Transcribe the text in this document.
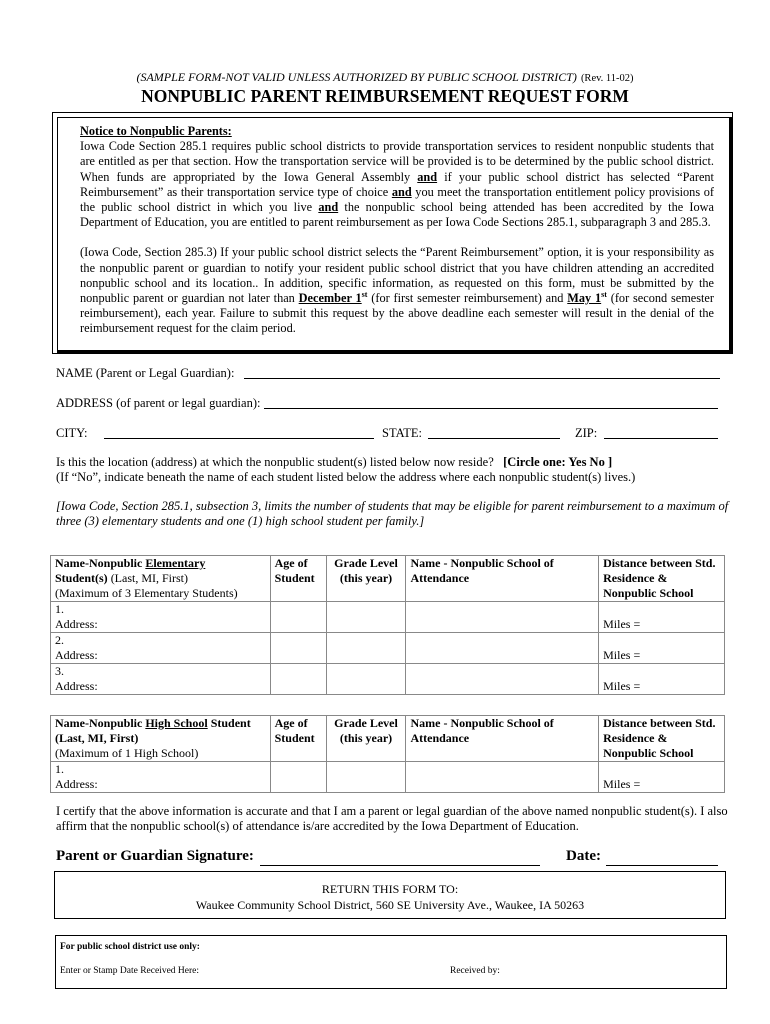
(SAMPLE FORM-NOT VALID UNLESS AUTHORIZED BY PUBLIC SCHOOL DISTRICT) (Rev. 11-02)
NONPUBLIC PARENT REIMBURSEMENT REQUEST FORM

Notice to Nonpublic Parents:

Iowa Code Section 285.1 requires public school districts to provide transportation services to resident nonpublic students that are entitled as per that section. How the transportation service will be provided is to be determined by the public school district. When funds are appropriated by the Iowa General Assembly and if your public school district has selected “Parent Reimbursement” as their transportation service type of choice and you meet the transportation entitlement policy provisions of the public school district in which you live and the nonpublic school being attended has been accredited by the Iowa Department of Education, you are entitled to parent reimbursement as per Iowa Code Sections 285.1, subparagraph 3 and 285.3.

(Iowa Code, Section 285.3) If your public school district selects the “Parent Reimbursement” option, it is your responsibility as the nonpublic parent or guardian to notify your resident public school district that you have children attending an accredited nonpublic school and its location.. In addition, specific information, as requested on this form, must be submitted by the nonpublic parent or guardian not later than December 1st (for first semester reimbursement) and May 1st (for second semester reimbursement), each year. Failure to submit this request by the above deadline each semester will result in the denial of the reimbursement request for the claim period.

NAME (Parent or Legal Guardian):
ADDRESS (of parent or legal guardian):
CITY:	STATE:	ZIP:
Is this the location (address) at which the nonpublic student(s) listed below now reside? [Circle one: Yes No ]
(If “No”, indicate beneath the name of each student listed below the address where each nonpublic student(s) lives.)
[Iowa Code, Section 285.1, subsection 3, limits the number of students that may be eligible for parent reimbursement to a maximum of three (3) elementary students and one (1) high school student per family.]
Name-Nonpublic Elementary
Student(s) (Last, MI, First)
(Maximum of 3 Elementary Students)	Age of Student	Grade Level (this year)	Name - Nonpublic School of Attendance	Distance between Std. Residence & Nonpublic School
1.
Address:				Miles =
2.
Address:				Miles =
3.
Address:				Miles =
Name-Nonpublic High School Student
(Last, MI, First)
(Maximum of 1 High School)	Age of Student	Grade Level (this year)	Name - Nonpublic School of Attendance	Distance between Std. Residence & Nonpublic School
1.
Address:				Miles =
I certify that the above information is accurate and that I am a parent or legal guardian of the above named nonpublic student(s). I also affirm that the nonpublic school(s) of attendance is/are accredited by the Iowa Department of Education.
Parent or Guardian Signature:	Date:
RETURN THIS FORM TO:
Waukee Community School District, 560 SE University Ave., Waukee, IA 50263
For public school district use only:
Enter or Stamp Date Received Here:	Received by:
